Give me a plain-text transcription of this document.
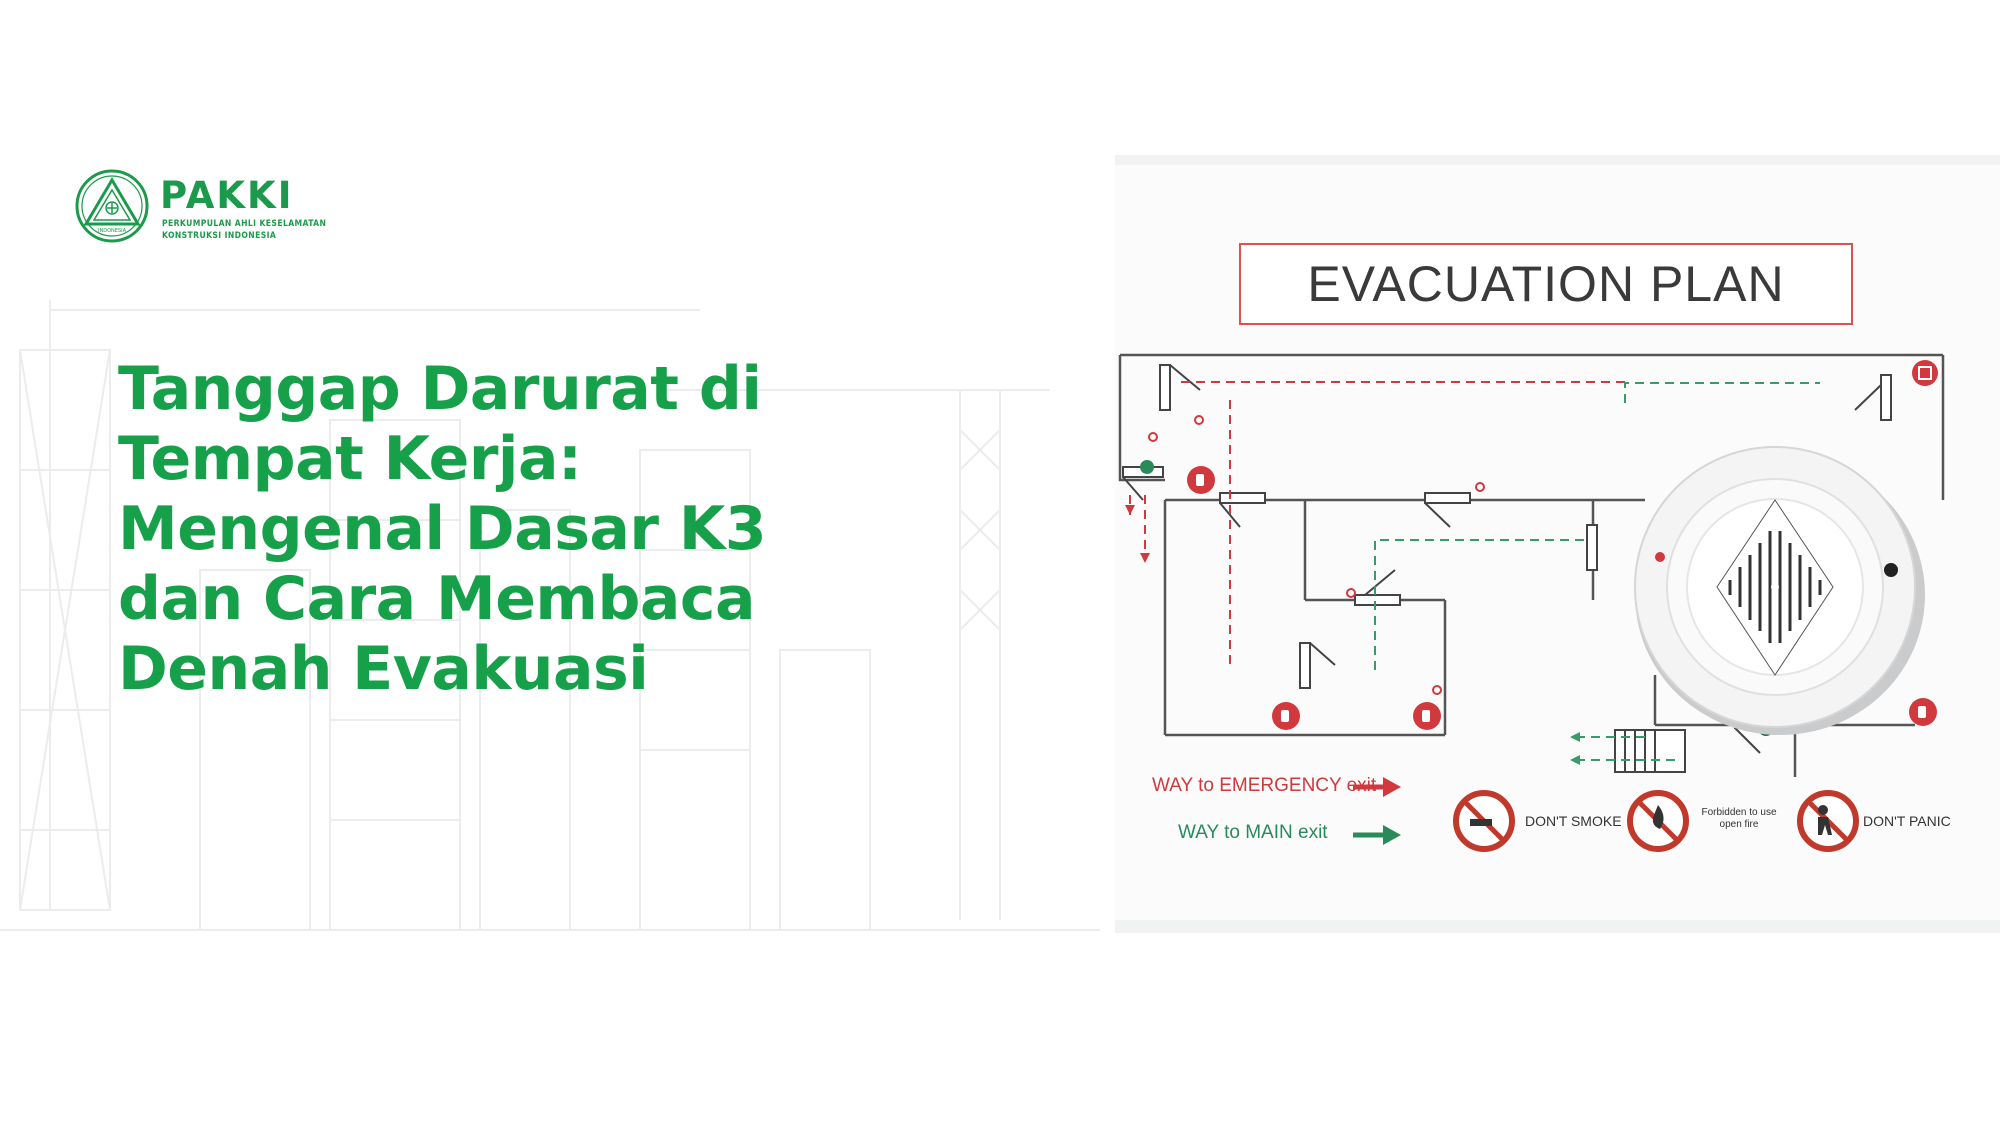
INDONESIA
PAKKI
PERKUMPULAN AHLI KESELAMATAN
KONSTRUKSI INDONESIA
Tanggap Darurat di
Tempat Kerja:
Mengenal Dasar K3
dan Cara Membaca
Denah Evakuasi
EVACUATION PLAN
WAY to EMERGENCY exit
WAY to MAIN exit
DON'T SMOKE
Forbidden to use open fire	DON'T PANIC
